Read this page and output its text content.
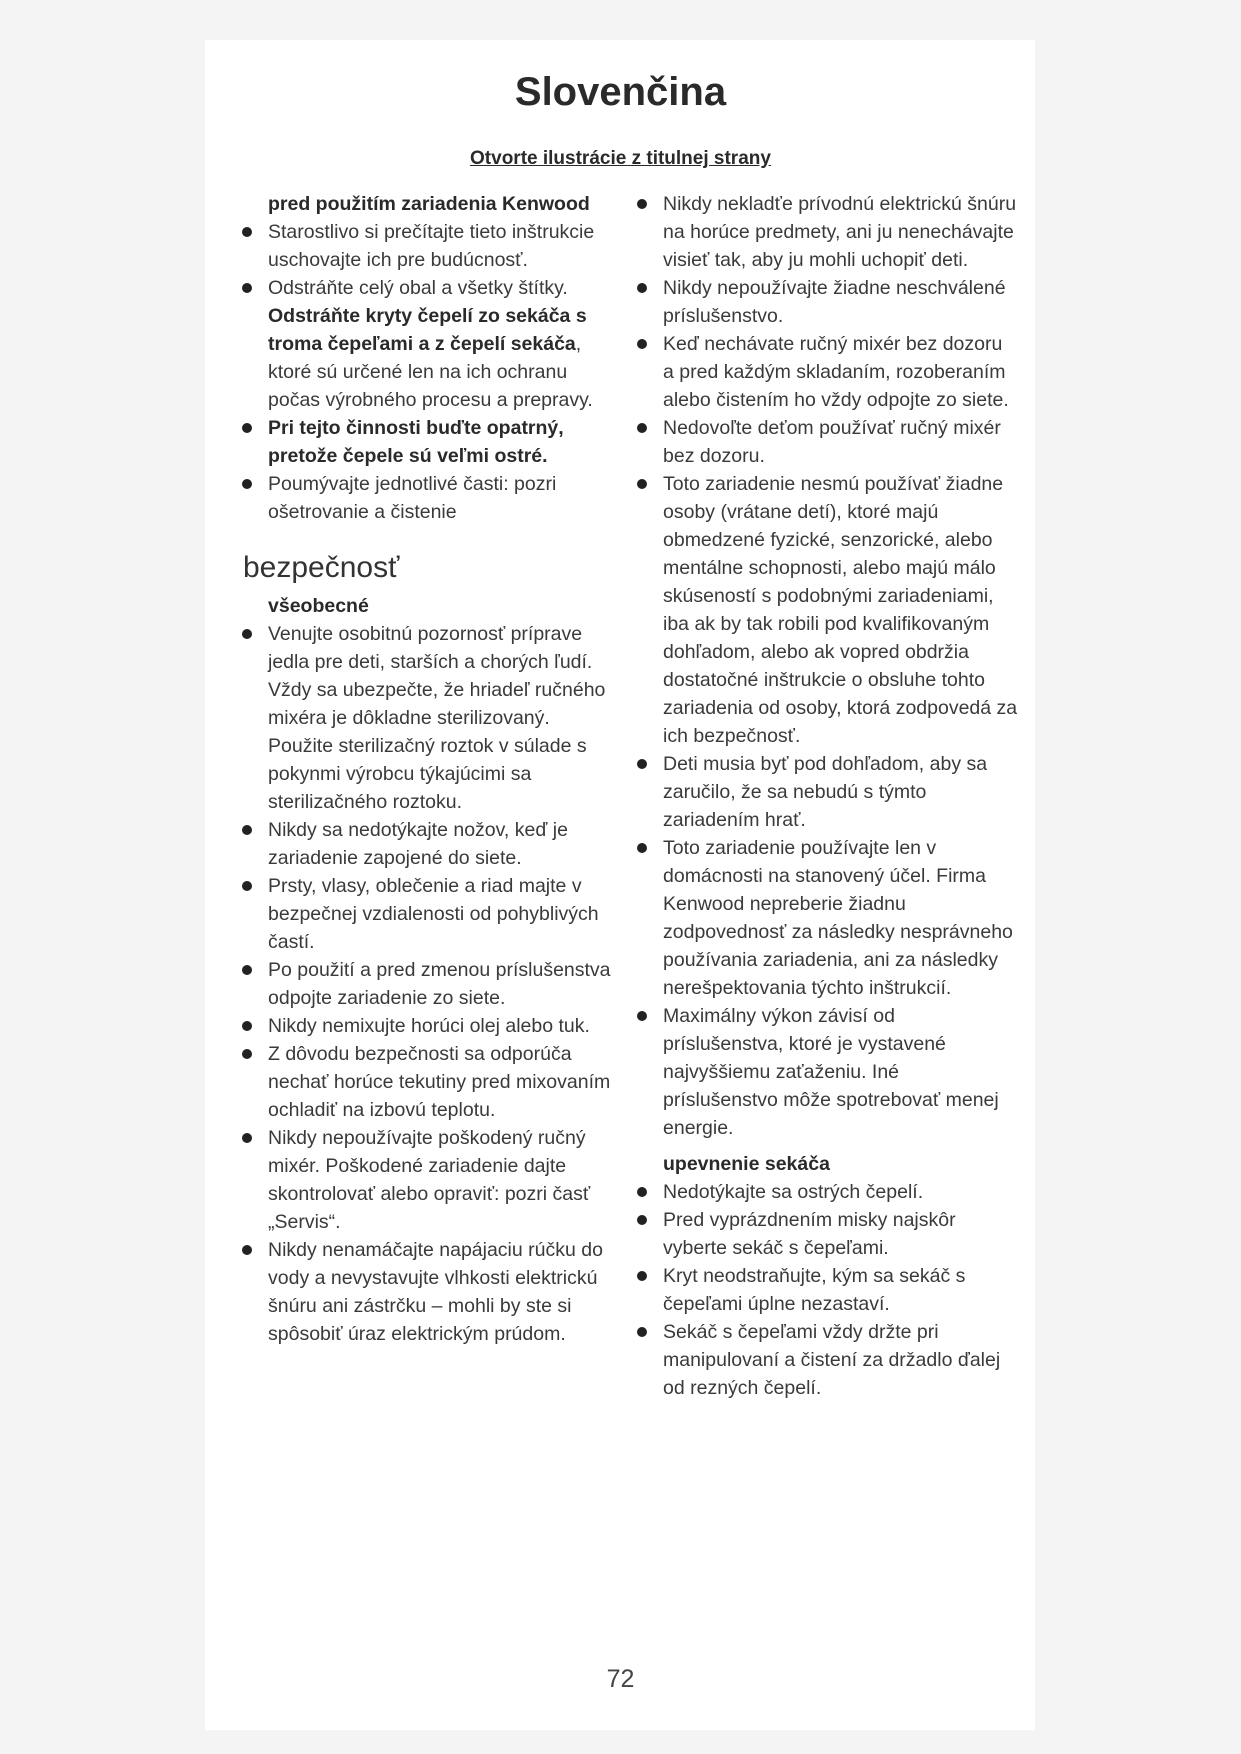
Slovenčina

Otvorte ilustrácie z titulnej strany

pred použitím zariadenia Kenwood

Starostlivo si prečítajte tieto inštrukcie uschovajte ich pre budúcnosť.
Odstráňte celý obal a všetky štítky. Odstráňte kryty čepelí zo sekáča s troma čepeľami a z čepelí sekáča, ktoré sú určené len na ich ochranu počas výrobného procesu a prepravy.
Pri tejto činnosti buďte opatrný, pretože čepele sú veľmi ostré.
Poumývajte jednotlivé časti: pozri ošetrovanie a čistenie
bezpečnosť

všeobecné

Venujte osobitnú pozornosť príprave jedla pre deti, starších a chorých ľudí. Vždy sa ubezpečte, že hriadeľ ručného mixéra je dôkladne sterilizovaný. Použite sterilizačný roztok v súlade s pokynmi výrobcu týkajúcimi sa sterilizačného roztoku.
Nikdy sa nedotýkajte nožov, keď je zariadenie zapojené do siete.
Prsty, vlasy, oblečenie a riad majte v bezpečnej vzdialenosti od pohyblivých častí.
Po použití a pred zmenou príslušenstva odpojte zariadenie zo siete.
Nikdy nemixujte horúci olej alebo tuk.
Z dôvodu bezpečnosti sa odporúča nechať horúce tekutiny pred mixovaním ochladiť na izbovú teplotu.
Nikdy nepoužívajte poškodený ručný mixér. Poškodené zariadenie dajte skontrolovať alebo opraviť: pozri časť „Servis“.
Nikdy nenamáčajte napájaciu rúčku do vody a nevystavujte vlhkosti elektrickú šnúru ani zástrčku – mohli by ste si spôsobiť úraz elektrickým prúdom.
Nikdy nekladťe prívodnú elektrickú šnúru na horúce predmety, ani ju nenechávajte visieť tak, aby ju mohli uchopiť deti.
Nikdy nepoužívajte žiadne neschválené príslušenstvo.
Keď nechávate ručný mixér bez dozoru a pred každým skladaním, rozoberaním alebo čistením ho vždy odpojte zo siete.
Nedovoľte deťom používať ručný mixér bez dozoru.
Toto zariadenie nesmú používať žiadne osoby (vrátane detí), ktoré majú obmedzené fyzické, senzorické, alebo mentálne schopnosti, alebo majú málo skúseností s podobnými zariadeniami, iba ak by tak robili pod kvalifikovaným dohľadom, alebo ak vopred obdržia dostatočné inštrukcie o obsluhe tohto zariadenia od osoby, ktorá zodpovedá za ich bezpečnosť.
Deti musia byť pod dohľadom, aby sa zaručilo, že sa nebudú s týmto zariadením hrať.
Toto zariadenie používajte len v domácnosti na stanovený účel. Firma Kenwood nepreberie žiadnu zodpovednosť za následky nesprávneho používania zariadenia, ani za následky nerešpektovania týchto inštrukcií.
Maximálny výkon závisí od príslušenstva, ktoré je vystavené najvyššiemu zaťaženiu. Iné príslušenstvo môže spotrebovať menej energie.

upevnenie sekáča

Nedotýkajte sa ostrých čepelí.
Pred vyprázdnením misky najskôr vyberte sekáč s čepeľami.
Kryt neodstraňujte, kým sa sekáč s čepeľami úplne nezastaví.
Sekáč s čepeľami vždy držte pri manipulovaní a čistení za držadlo ďalej od rezných čepelí.

72
